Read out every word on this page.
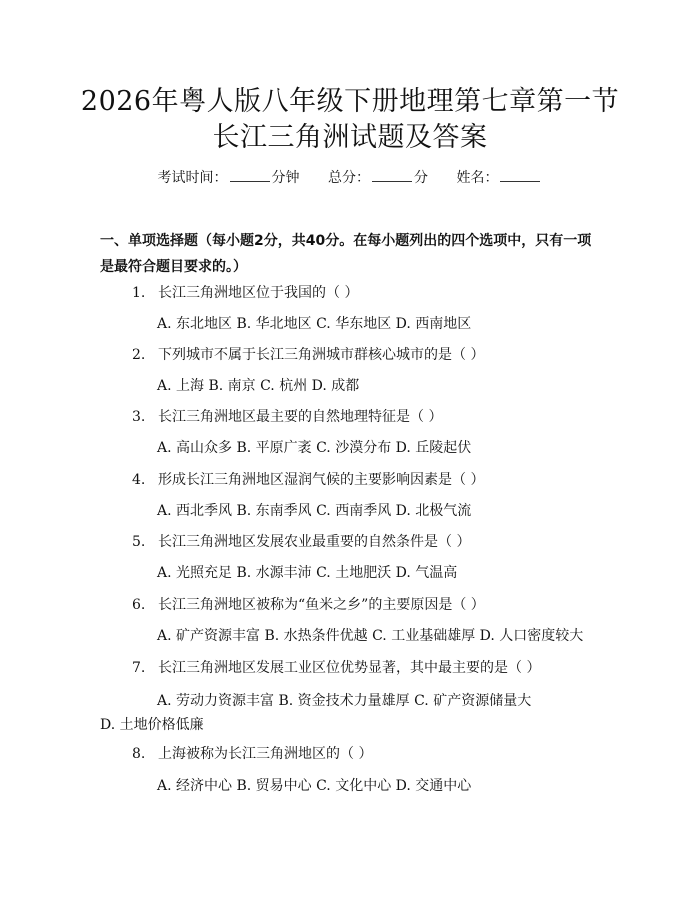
2026年粤人版八年级下册地理第七章第一节
长江三角洲试题及答案
考试时间：	分钟 总分：	分 姓名：
一、单项选择题（每小题2分，共40分。在每小题列出的四个选项中，只有一项是最符合题目要求的。）
1. 长江三角洲地区位于我国的（ ）
A. 东北地区 B. 华北地区 C. 华东地区 D. 西南地区
2. 下列城市不属于长江三角洲城市群核心城市的是（ ）
A. 上海 B. 南京 C. 杭州 D. 成都
3. 长江三角洲地区最主要的自然地理特征是（ ）
A. 高山众多 B. 平原广袤 C. 沙漠分布 D. 丘陵起伏
4. 形成长江三角洲地区湿润气候的主要影响因素是（ ）
A. 西北季风 B. 东南季风 C. 西南季风 D. 北极气流
5. 长江三角洲地区发展农业最重要的自然条件是（ ）
A. 光照充足 B. 水源丰沛 C. 土地肥沃 D. 气温高
6. 长江三角洲地区被称为“鱼米之乡”的主要原因是（ ）
A. 矿产资源丰富 B. 水热条件优越 C. 工业基础雄厚 D. 人口密度较大
7. 长江三角洲地区发展工业区位优势显著，其中最主要的是（ ）
A. 劳动力资源丰富 B. 资金技术力量雄厚 C. 矿产资源储量大 D. 土地价格低廉
8. 上海被称为长江三角洲地区的（ ）
A. 经济中心 B. 贸易中心 C. 文化中心 D. 交通中心
